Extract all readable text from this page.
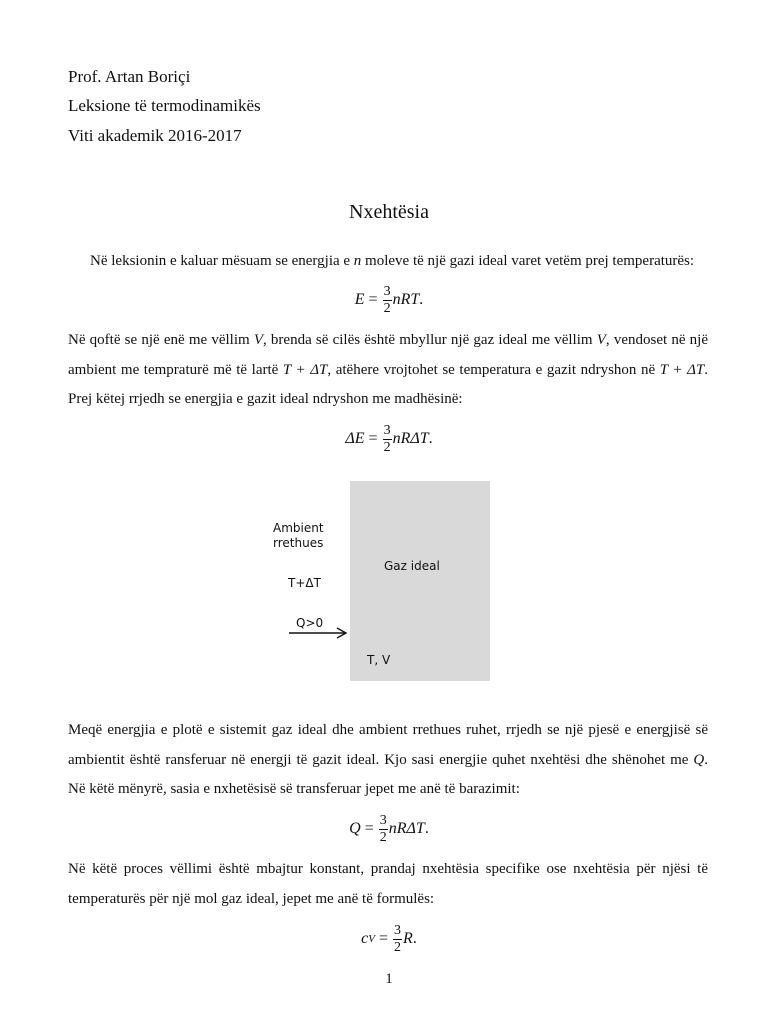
Prof. Artan Boriçi
Leksione të termodinamikës
Viti akademik 2016-2017
Nxehtësia
Në leksionin e kaluar mësuam se energjia e n moleve të një gazi ideal varet vetëm prej temperaturës:
$E = \frac{3}{2}$ nRT .
Në qoftë se një enë me vëllim V, brenda së cilës është mbyllur një gaz ideal me vëllim V, vendoset në një ambient me tempraturë më të lartë T + ΔT, atëhere vrojtohet se temperatura e gazit ndryshon në T + ΔT. Prej këtej rrjedh se energjia e gazit ideal ndryshon me madhësinë:
$\Delta E = \frac{3}{2}$ nRΔT .
Ambient
rrethues
T+ΔT
Q>0
Gaz ideal
T, V
Meqë energjia e plotë e sistemit gaz ideal dhe ambient rrethues ruhet, rrjedh se një pjesë e energjisë së ambientit është ransferuar në energji të gazit ideal. Kjo sasi energjie quhet nxehtësi dhe shënohet me Q. Në këtë mënyrë, sasia e nxhetësisë së transferuar jepet me anë të barazimit:
$Q = \frac{3}{2}$ nRΔT .
Në këtë proces vëllimi është mbajtur konstant, prandaj nxehtësia specifike ose nxehtësia për njësi të temperaturës për një mol gaz ideal, jepet me anë të formulës:
c $V = \frac{3}{2}$ R .
1
